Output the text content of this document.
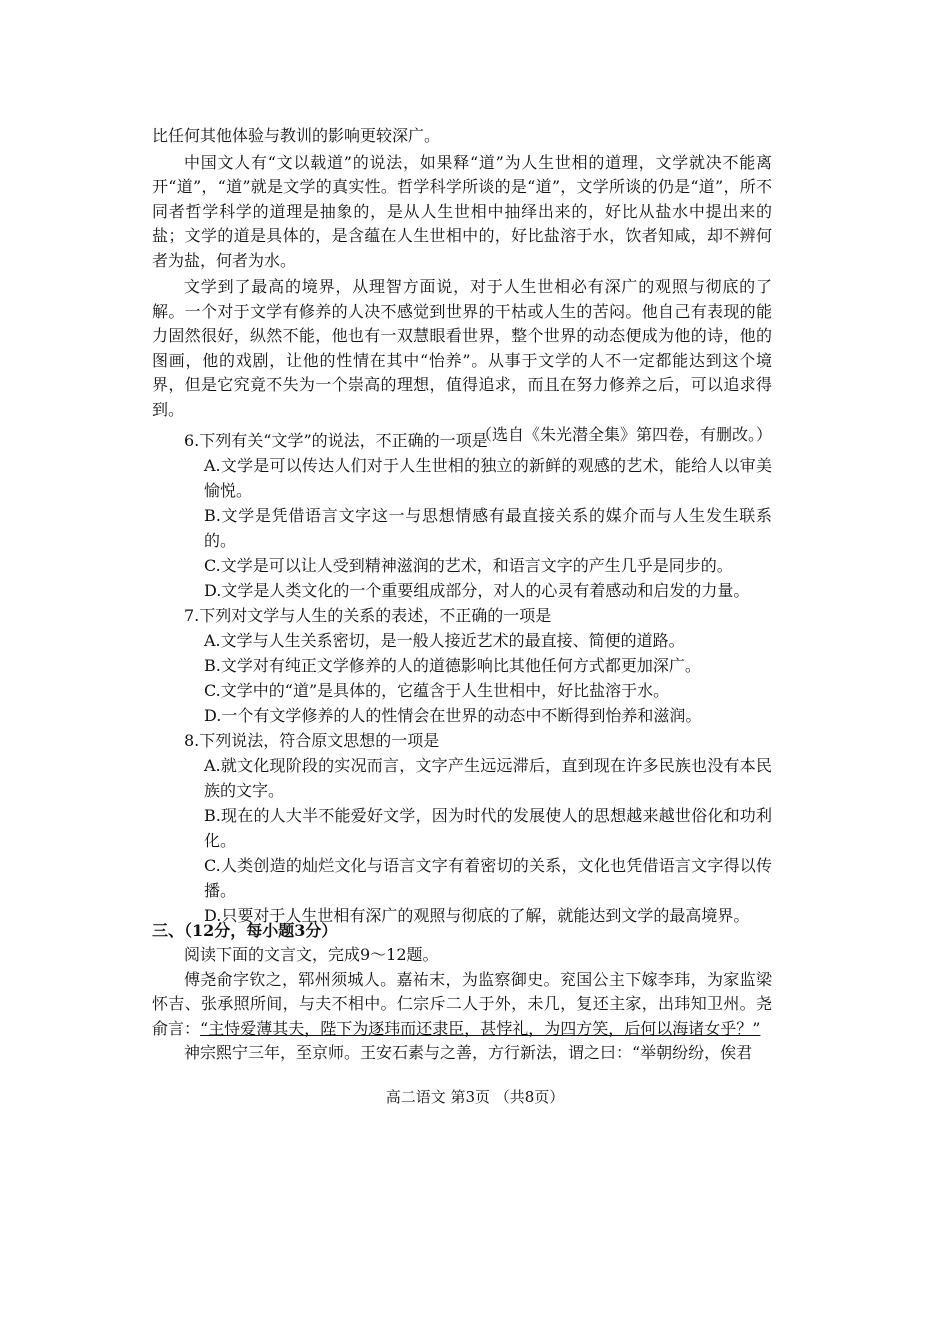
比任何其他体验与教训的影响更较深广。

中国文人有“文以载道”的说法，如果释“道”为人生世相的道理，文学就决不能离开“道”，“道”就是文学的真实性。哲学科学所谈的是“道”，文学所谈的仍是“道”，所不同者哲学科学的道理是抽象的，是从人生世相中抽绎出来的，好比从盐水中提出来的盐；文学的道是具体的，是含蕴在人生世相中的，好比盐溶于水，饮者知咸，却不辨何者为盐，何者为水。

文学到了最高的境界，从理智方面说，对于人生世相必有深广的观照与彻底的了解。一个对于文学有修养的人决不感觉到世界的干枯或人生的苦闷。他自己有表现的能力固然很好，纵然不能，他也有一双慧眼看世界，整个世界的动态便成为他的诗，他的图画，他的戏剧，让他的性情在其中“怡养”。从事于文学的人不一定都能达到这个境界，但是它究竟不失为一个崇高的理想，值得追求，而且在努力修养之后，可以追求得到。

（选自《朱光潜全集》第四卷，有删改。）

6.下列有关“文学”的说法，不正确的一项是

A.文学是可以传达人们对于人生世相的独立的新鲜的观感的艺术，能给人以审美愉悦。

B.文学是凭借语言文字这一与思想情感有最直接关系的媒介而与人生发生联系的。

C.文学是可以让人受到精神滋润的艺术，和语言文字的产生几乎是同步的。

D.文学是人类文化的一个重要组成部分，对人的心灵有着感动和启发的力量。

7.下列对文学与人生的关系的表述，不正确的一项是

A.文学与人生关系密切，是一般人接近艺术的最直接、简便的道路。

B.文学对有纯正文学修养的人的道德影响比其他任何方式都更加深广。

C.文学中的“道”是具体的，它蕴含于人生世相中，好比盐溶于水。

D.一个有文学修养的人的性情会在世界的动态中不断得到怡养和滋润。

8.下列说法，符合原文思想的一项是

A.就文化现阶段的实况而言，文字产生远远滞后，直到现在许多民族也没有本民族的文字。

B.现在的人大半不能爱好文学，因为时代的发展使人的思想越来越世俗化和功利化。

C.人类创造的灿烂文化与语言文字有着密切的关系，文化也凭借语言文字得以传播。

D.只要对于人生世相有深广的观照与彻底的了解，就能达到文学的最高境界。

三、（12分，每小题3分）

阅读下面的文言文，完成9～12题。

傅尧俞字钦之，郓州须城人。嘉祐末，为监察御史。兖国公主下嫁李玮，为家监梁怀吉、张承照所间，与夫不相中。仁宗斥二人于外，未几，复还主家，出玮知卫州。尧俞言：“主恃爱薄其夫，陛下为逐玮而还隶臣，甚悖礼，为四方笑，后何以海诸女乎？”

神宗熙宁三年，至京师。王安石素与之善，方行新法，谓之曰：“举朝纷纷，俟君

高二语文 第3页 （共8页）
